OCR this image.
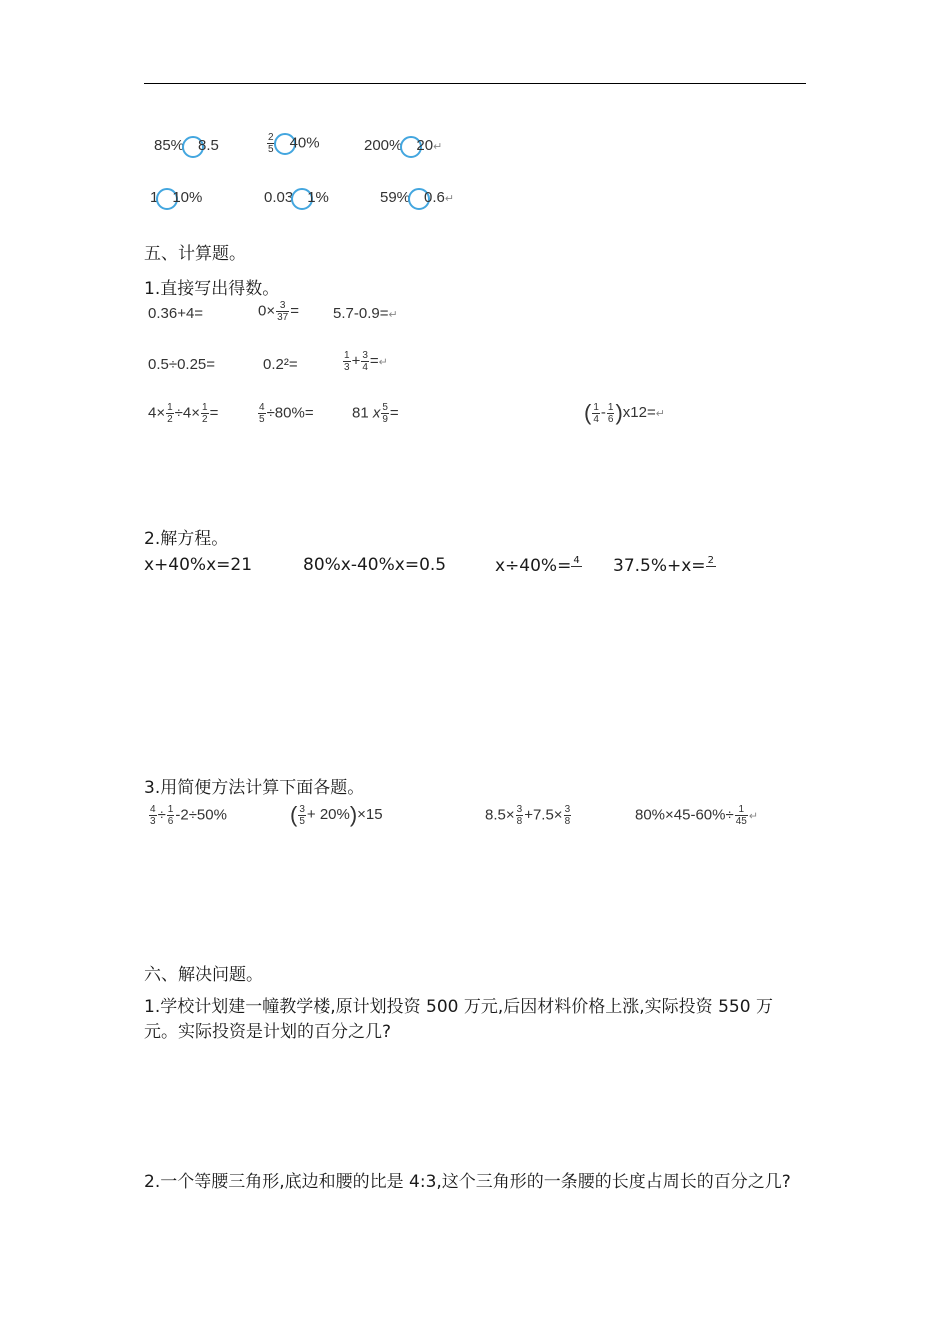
85% 8.5	$\frac{2}{5} 40\%$	200% 20↵
1 10%	0.03 1%	59% 0.6↵
五、计算题。
1.直接写出得数。
0.36+4=	$0\times \frac{3}{37}$ = 5.7-0.9=↵
0.5÷0.25=	0.2²=	$\frac{1}{3} + \frac{3}{4}$ =↵
$4\times \frac{1}{2} \div 4\times \frac{1}{2}$ =	$\frac{4}{5} \div 80\%=$	81 x $\frac{5}{9}$ =	( $\frac{1}{4} - \frac{1}{6}$ )x12=↵
2.解方程。
x+40%x=21	80%x-40%x=0.5	x÷40%= 4 37.5%+x= 2
3.用简便方法计算下面各题。
$\frac{4}{3} \div \frac{1}{6} -2\div 50\%$	( $\frac{3}{5} + 20\%)\times 15$	$8.5\times \frac{3}{8} +7.5\times \frac{3}{8}$	$80\%\times 45-60\%\div \frac{1}{45}$ ↵
六、解决问题。
1.学校计划建一幢教学楼,原计划投资 500 万元,后因材料价格上涨,实际投资 550 万元。实际投资是计划的百分之几?
2.一个等腰三角形,底边和腰的比是 4:3,这个三角形的一条腰的长度占周长的百分之几?
